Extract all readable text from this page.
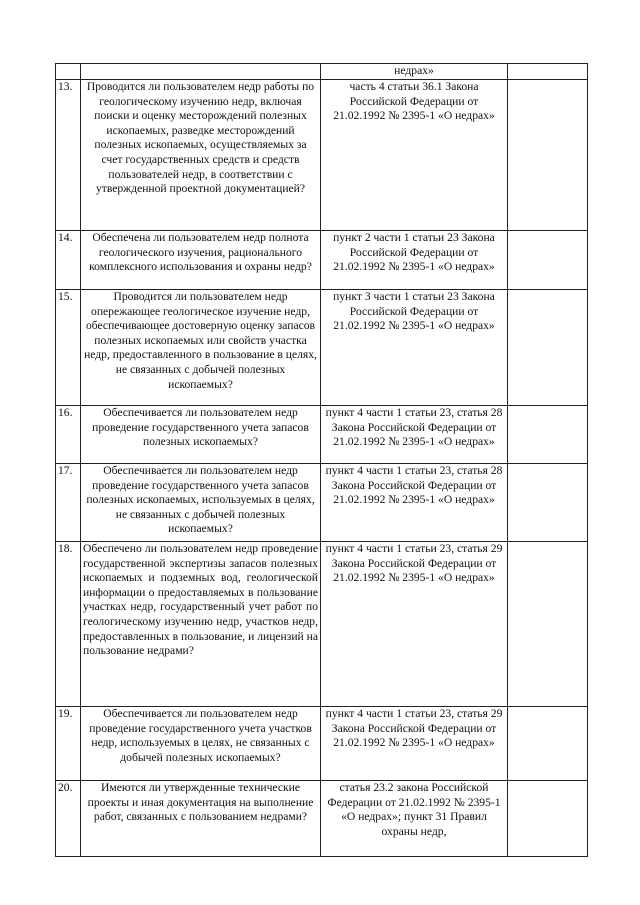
		недрах»	
13.	Проводится ли пользователем недр работы по геологическому изучению недр, включая поиски и оценку месторождений полезных ископаемых, разведке месторождений полезных ископаемых, осуществляемых за счет государственных средств и средств пользователей недр, в соответствии с утвержденной проектной документацией?	часть 4 статьи 36.1 Закона Российской Федерации от 21.02.1992 № 2395-1 «О недрах»	
14.	Обеспечена ли пользователем недр полнота геологического изучения, рационального комплексного использования и охраны недр?	пункт 2 части 1 статьи 23 Закона Российской Федерации от 21.02.1992 № 2395-1 «О недрах»	
15.	Проводится ли пользователем недр опережающее геологическое изучение недр, обеспечивающее достоверную оценку запасов полезных ископаемых или свойств участка недр, предоставленного в пользование в целях, не связанных с добычей полезных ископаемых?	пункт 3 части 1 статьи 23 Закона Российской Федерации от 21.02.1992 № 2395-1 «О недрах»	
16.	Обеспечивается ли пользователем недр проведение государственного учета запасов полезных ископаемых?	пункт 4 части 1 статьи 23, статья 28 Закона Российской Федерации от 21.02.1992 № 2395-1 «О недрах»	
17.	Обеспечивается ли пользователем недр проведение государственного учета запасов полезных ископаемых, используемых в целях, не связанных с добычей полезных ископаемых?	пункт 4 части 1 статьи 23, статья 28 Закона Российской Федерации от 21.02.1992 № 2395-1 «О недрах»	
18.	Обеспечено ли пользователем недр проведение государственной экспертизы запасов полезных ископаемых и подземных вод, геологической информации о предоставляемых в пользование участках недр, государственный учет работ по геологическому изучению недр, участков недр, предоставленных в пользование, и лицензий на пользование недрами?	пункт 4 части 1 статьи 23, статья 29 Закона Российской Федерации от 21.02.1992 № 2395-1 «О недрах»	
19.	Обеспечивается ли пользователем недр проведение государственного учета участков недр, используемых в целях, не связанных с добычей полезных ископаемых?	пункт 4 части 1 статьи 23, статья 29 Закона Российской Федерации от 21.02.1992 № 2395-1 «О недрах»	
20.	Имеются ли утвержденные технические проекты и иная документация на выполнение работ, связанных с пользованием недрами?	статья 23.2 закона Российской Федерации от 21.02.1992 № 2395-1 «О недрах»; пункт 31 Правил охраны недр,	
